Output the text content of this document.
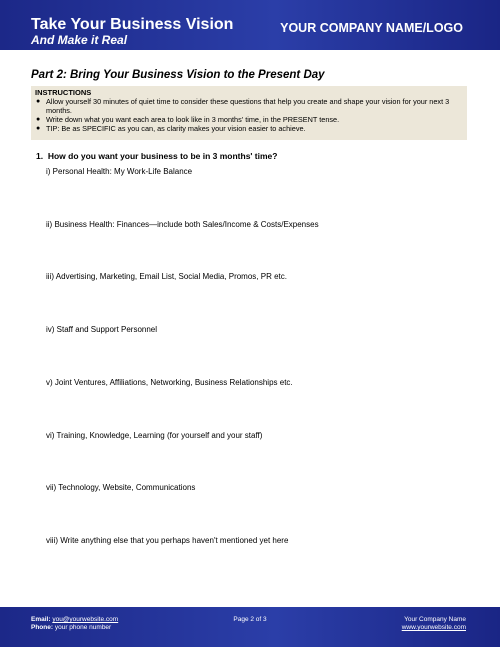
Take Your Business Vision
And Make it Real
YOUR COMPANY NAME/LOGO
Part 2: Bring Your Business Vision to the Present Day
INSTRUCTIONS
● Allow yourself 30 minutes of quiet time to consider these questions that help you create and shape your vision for your next 3 months.
● Write down what you want each area to look like in 3 months' time, in the PRESENT tense.
● TIP: Be as SPECIFIC as you can, as clarity makes your vision easier to achieve.
1. How do you want your business to be in 3 months' time?
i) Personal Health: My Work-Life Balance
ii) Business Health: Finances—include both Sales/Income & Costs/Expenses
iii) Advertising, Marketing, Email List, Social Media, Promos, PR etc.
iv) Staff and Support Personnel
v) Joint Ventures, Affiliations, Networking, Business Relationships etc.
vi) Training, Knowledge, Learning (for yourself and your staff)
vii) Technology, Website, Communications
viii) Write anything else that you perhaps haven't mentioned yet here
Email: you@yourwebsite.com
Phone: your phone number
Page 2 of 3	Your Company Name
www.yourwebsite.com
